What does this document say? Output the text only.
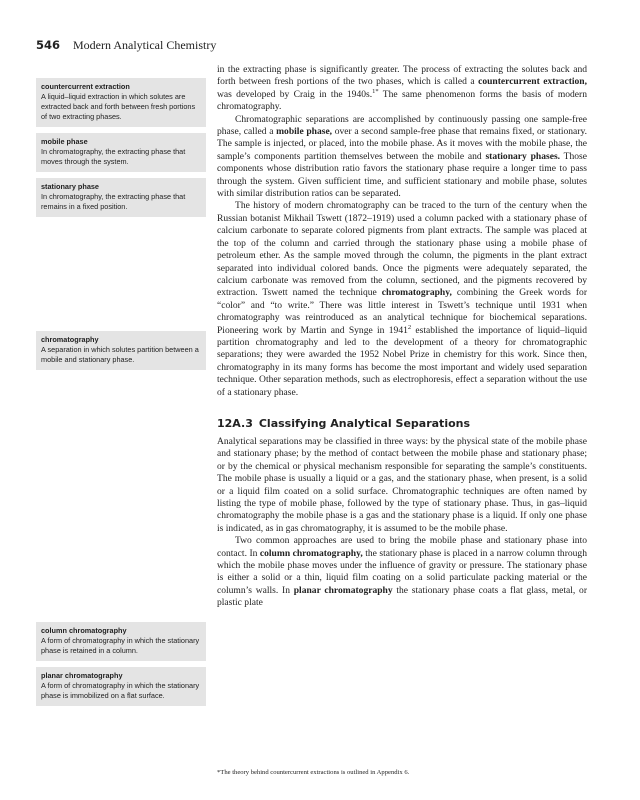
546 Modern Analytical Chemistry
countercurrent extraction
A liquid–liquid extraction in which solutes are extracted back and forth between fresh portions of two extracting phases.
mobile phase
In chromatography, the extracting phase that moves through the system.
stationary phase
In chromatography, the extracting phase that remains in a fixed position.
chromatography
A separation in which solutes partition between a mobile and stationary phase.
column chromatography
A form of chromatography in which the stationary phase is retained in a column.
planar chromatography
A form of chromatography in which the stationary phase is immobilized on a flat surface.

in the extracting phase is significantly greater. The process of extracting the solutes back and forth between fresh portions of the two phases, which is called a countercurrent extraction, was developed by Craig in the 1940s.$^{1*}$ The same phenomenon forms the basis of modern chromatography.

Chromatographic separations are accomplished by continuously passing one sample-free phase, called a mobile phase, over a second sample-free phase that remains fixed, or stationary. The sample is injected, or placed, into the mobile phase. As it moves with the mobile phase, the sample’s components partition themselves between the mobile and stationary phases. Those components whose distribution ratio favors the stationary phase require a longer time to pass through the system. Given sufficient time, and sufficient stationary and mobile phase, solutes with similar distribution ratios can be separated.

The history of modern chromatography can be traced to the turn of the century when the Russian botanist Mikhail Tswett (1872–1919) used a column packed with a stationary phase of calcium carbonate to separate colored pigments from plant extracts. The sample was placed at the top of the column and carried through the stationary phase using a mobile phase of petroleum ether. As the sample moved through the column, the pigments in the plant extract separated into individual colored bands. Once the pigments were adequately separated, the calcium carbonate was removed from the column, sectioned, and the pigments recovered by extraction. Tswett named the technique chromatography, combining the Greek words for “color” and “to write.” There was little interest in Tswett’s technique until 1931 when chromatography was reintroduced as an analytical technique for biochemical separations. Pioneering work by Martin and Synge in 1941$^2$ established the importance of liquid–liquid partition chromatography and led to the development of a theory for chromatographic separations; they were awarded the 1952 Nobel Prize in chemistry for this work. Since then, chromatography in its many forms has become the most important and widely used separation technique. Other separation methods, such as electrophoresis, effect a separation without the use of a stationary phase.

12A.3 Classifying Analytical Separations

Analytical separations may be classified in three ways: by the physical state of the mobile phase and stationary phase; by the method of contact between the mobile phase and stationary phase; or by the chemical or physical mechanism responsible for separating the sample’s constituents. The mobile phase is usually a liquid or a gas, and the stationary phase, when present, is a solid or a liquid film coated on a solid surface. Chromatographic techniques are often named by listing the type of mobile phase, followed by the type of stationary phase. Thus, in gas–liquid chromatography the mobile phase is a gas and the stationary phase is a liquid. If only one phase is indicated, as in gas chromatography, it is assumed to be the mobile phase.

Two common approaches are used to bring the mobile phase and stationary phase into contact. In column chromatography, the stationary phase is placed in a narrow column through which the mobile phase moves under the influence of gravity or pressure. The stationary phase is either a solid or a thin, liquid film coating on a solid particulate packing material or the column’s walls. In planar chromatography the stationary phase coats a flat glass, metal, or plastic plate

*The theory behind countercurrent extractions is outlined in Appendix 6.
